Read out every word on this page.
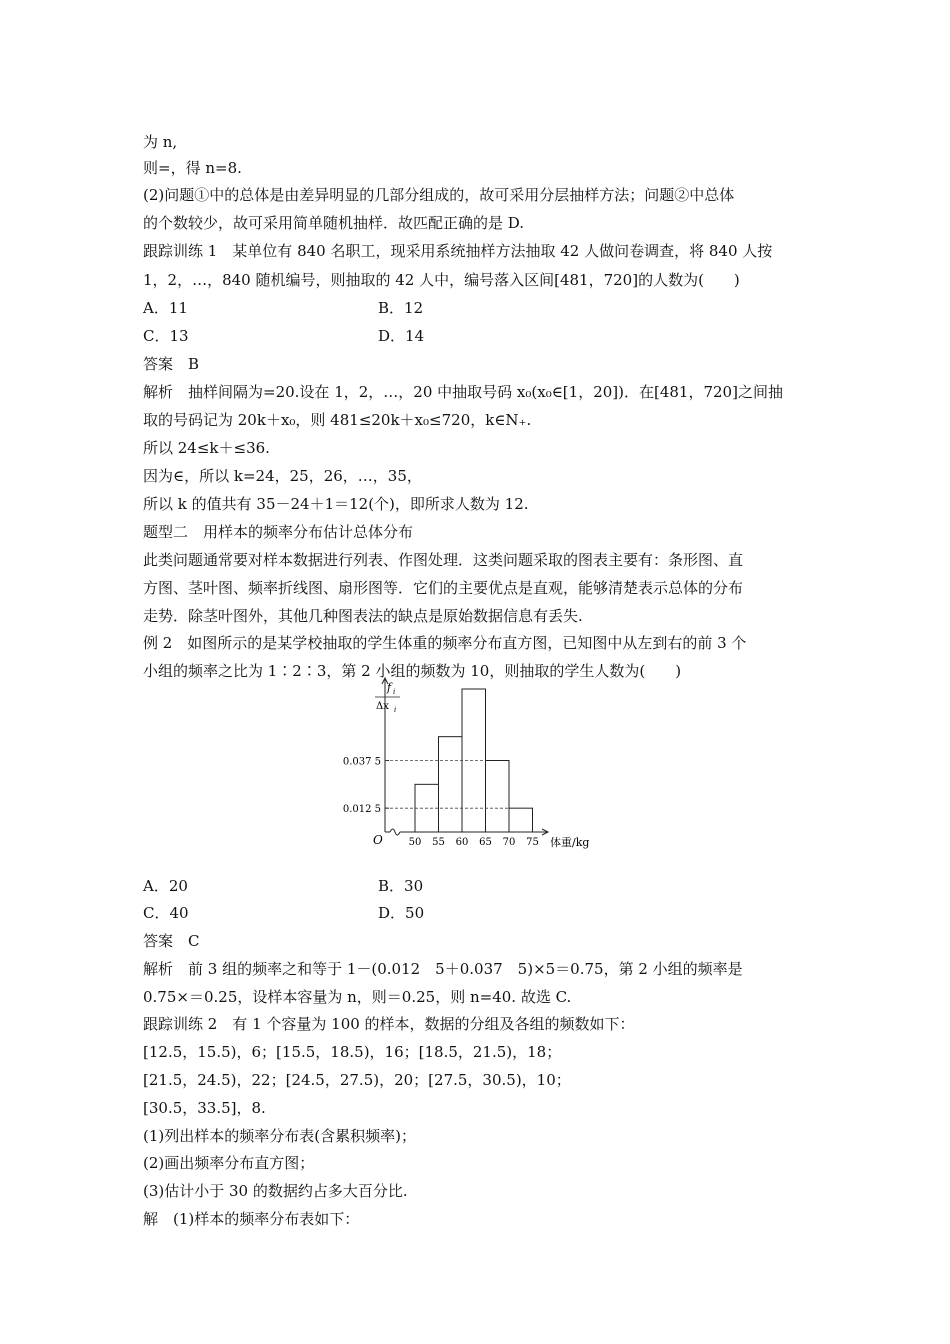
为 n,
则=，得 n=8.
(2)问题①中的总体是由差异明显的几部分组成的，故可采用分层抽样方法；问题②中总体
的个数较少，故可采用简单随机抽样．故匹配正确的是 D.
跟踪训练 1　某单位有 840 名职工，现采用系统抽样方法抽取 42 人做问卷调查，将 840 人按
1，2，…，840 随机编号，则抽取的 42 人中，编号落入区间[481，720]的人数为(　　)
A．11	B．12
C．13	D．14
答案　B
解析　抽样间隔为=20.设在 1，2，…，20 中抽取号码 x₀(x₀∈[1，20])．在[481，720]之间抽
取的号码记为 20k＋x₀，则 481≤20k＋x₀≤720，k∈N₊.
所以 24≤k＋≤36.
因为∈，所以 k=24，25，26，…，35，
所以 k 的值共有 35－24＋1＝12(个)，即所求人数为 12.
题型二　用样本的频率分布估计总体分布
此类问题通常要对样本数据进行列表、作图处理．这类问题采取的图表主要有：条形图、直
方图、茎叶图、频率折线图、扇形图等．它们的主要优点是直观，能够清楚表示总体的分布
走势．除茎叶图外，其他几种图表法的缺点是原始数据信息有丢失.
例 2　如图所示的是某学校抽取的学生体重的频率分布直方图，已知图中从左到右的前 3 个
小组的频率之比为 1∶2∶3，第 2 小组的频数为 10，则抽取的学生人数为(　　)
A．20	B．30
C．40	D．50
答案　C
解析　前 3 组的频率之和等于 1－(0.012　5＋0.037　5)×5＝0.75，第 2 小组的频率是
0.75×＝0.25，设样本容量为 n，则＝0.25，则 n=40. 故选 C.
跟踪训练 2　有 1 个容量为 100 的样本，数据的分组及各组的频数如下：
[12.5，15.5)，6；[15.5，18.5)，16；[18.5，21.5)，18；
[21.5，24.5)，22；[24.5，27.5)，20；[27.5，30.5)，10；
[30.5，33.5]，8.
(1)列出样本的频率分布表(含累积频率)；
(2)画出频率分布直方图；
(3)估计小于 30 的数据约占多大百分比.
解　(1)样本的频率分布表如下：
O
f i
Δx i
0.012 5
0.037 5
50 55 60 65 70 75 体重/kg
